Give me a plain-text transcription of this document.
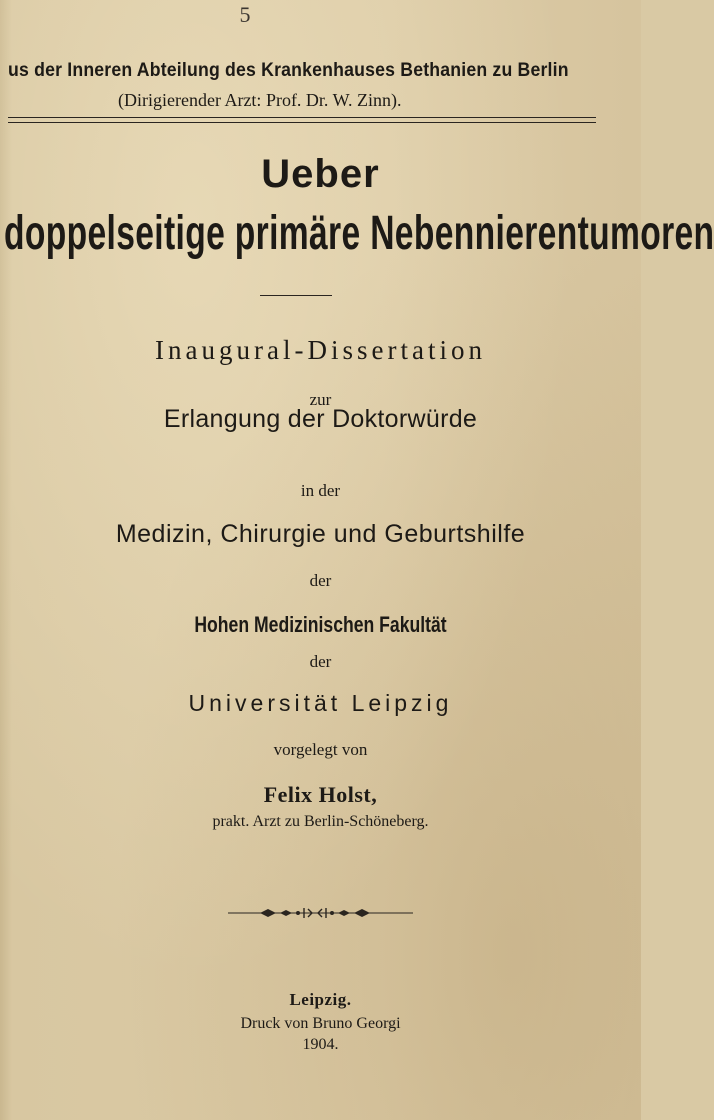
5
us der Inneren Abteilung des Krankenhauses Bethanien zu Berlin
(Dirigierender Arzt: Prof. Dr. W. Zinn).
Ueber
doppelseitige primäre Nebennierentumoren
Inaugural-Dissertation
zur
Erlangung der Doktorwürde
in der
Medizin, Chirurgie und Geburtshilfe
der
Hohen Medizinischen Fakultät
der
Universität Leipzig
vorgelegt von
Felix Holst,
prakt. Arzt zu Berlin-Schöneberg.
Leipzig.
Druck von Bruno Georgi
1904.
